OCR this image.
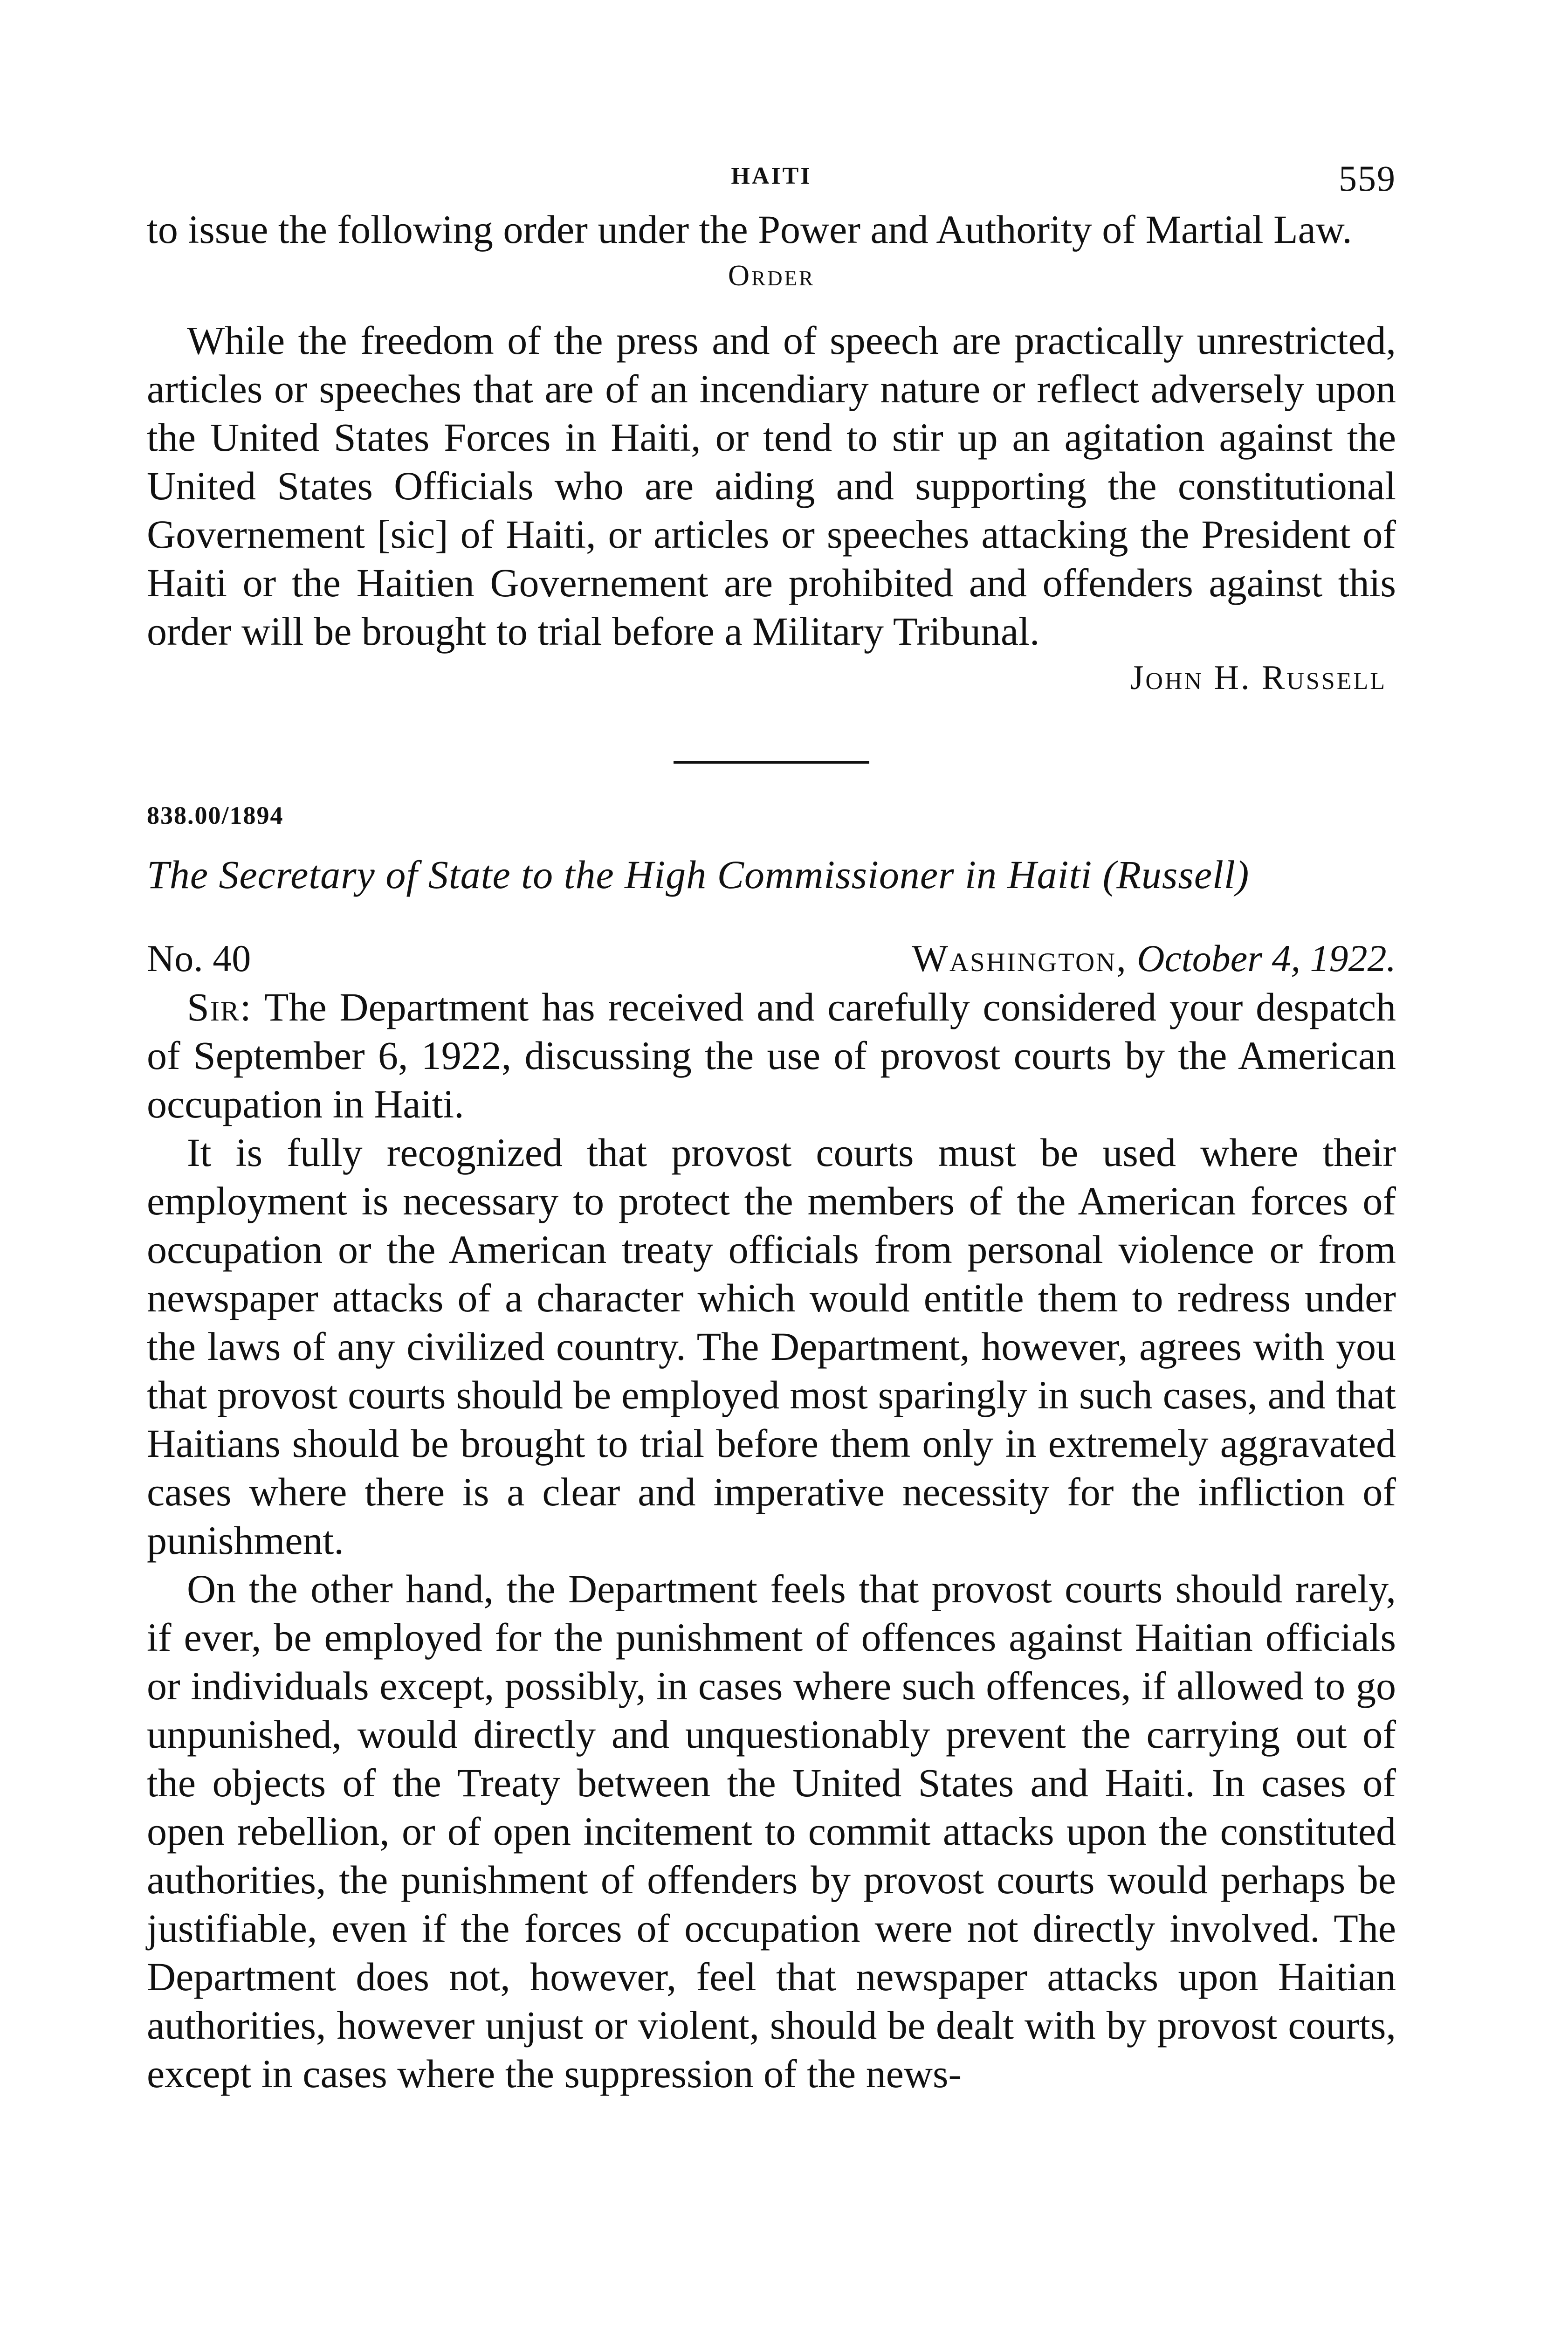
HAITI	559

to issue the following order under the Power and Authority of Martial Law.

Order

While the freedom of the press and of speech are practically unrestricted, articles or speeches that are of an incendiary nature or reflect adversely upon the United States Forces in Haiti, or tend to stir up an agitation against the United States Officials who are aiding and supporting the constitutional Governement [sic] of Haiti, or articles or speeches attacking the President of Haiti or the Haitien Governement are prohibited and offenders against this order will be brought to trial before a Military Tribunal.

John H. Russell
838.00/1894
The Secretary of State to the High Commissioner in Haiti (Russell)
No. 40	Washington, October 4, 1922.

Sir: The Department has received and carefully considered your despatch of September 6, 1922, discussing the use of provost courts by the American occupation in Haiti.

It is fully recognized that provost courts must be used where their employment is necessary to protect the members of the American forces of occupation or the American treaty officials from personal violence or from newspaper attacks of a character which would entitle them to redress under the laws of any civilized country. The Department, however, agrees with you that provost courts should be employed most sparingly in such cases, and that Haitians should be brought to trial before them only in extremely aggravated cases where there is a clear and imperative necessity for the infliction of punishment.

On the other hand, the Department feels that provost courts should rarely, if ever, be employed for the punishment of offences against Haitian officials or individuals except, possibly, in cases where such offences, if allowed to go unpunished, would directly and unquestionably prevent the carrying out of the objects of the Treaty between the United States and Haiti. In cases of open rebellion, or of open incitement to commit attacks upon the constituted authorities, the punishment of offenders by provost courts would perhaps be justifiable, even if the forces of occupation were not directly involved. The Department does not, however, feel that newspaper attacks upon Haitian authorities, however unjust or violent, should be dealt with by provost courts, except in cases where the suppression of the news-
